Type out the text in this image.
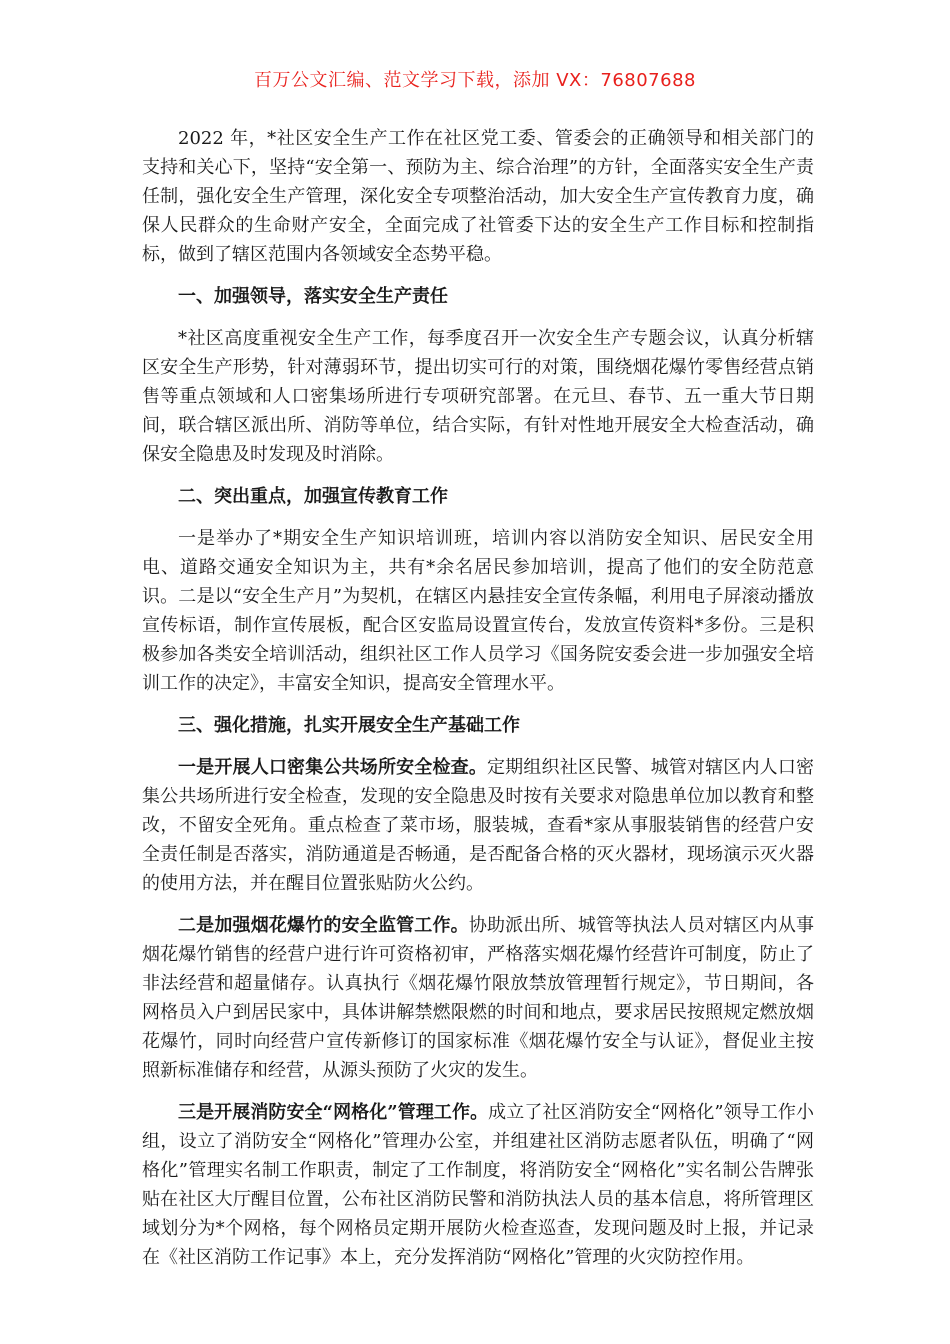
百万公文汇编、范文学习下载，添加 VX：76807688

2022 年，*社区安全生产工作在社区党工委、管委会的正确领导和相关部门的支持和关心下，坚持“安全第一、预防为主、综合治理”的方针，全面落实安全生产责任制，强化安全生产管理，深化安全专项整治活动，加大安全生产宣传教育力度，确保人民群众的生命财产安全，全面完成了社管委下达的安全生产工作目标和控制指标，做到了辖区范围内各领域安全态势平稳。

一、加强领导，落实安全生产责任

*社区高度重视安全生产工作，每季度召开一次安全生产专题会议，认真分析辖区安全生产形势，针对薄弱环节，提出切实可行的对策，围绕烟花爆竹零售经营点销售等重点领域和人口密集场所进行专项研究部署。在元旦、春节、五一重大节日期间，联合辖区派出所、消防等单位，结合实际，有针对性地开展安全大检查活动，确保安全隐患及时发现及时消除。

二、突出重点，加强宣传教育工作

一是举办了*期安全生产知识培训班，培训内容以消防安全知识、居民安全用电、道路交通安全知识为主，共有*余名居民参加培训，提高了他们的安全防范意识。二是以“安全生产月”为契机，在辖区内悬挂安全宣传条幅，利用电子屏滚动播放宣传标语，制作宣传展板，配合区安监局设置宣传台，发放宣传资料*多份。三是积极参加各类安全培训活动，组织社区工作人员学习《国务院安委会进一步加强安全培训工作的决定》，丰富安全知识，提高安全管理水平。

三、强化措施，扎实开展安全生产基础工作

一是开展人口密集公共场所安全检查。定期组织社区民警、城管对辖区内人口密集公共场所进行安全检查，发现的安全隐患及时按有关要求对隐患单位加以教育和整改，不留安全死角。重点检查了菜市场，服装城，查看*家从事服装销售的经营户安全责任制是否落实，消防通道是否畅通，是否配备合格的灭火器材，现场演示灭火器的使用方法，并在醒目位置张贴防火公约。

二是加强烟花爆竹的安全监管工作。协助派出所、城管等执法人员对辖区内从事烟花爆竹销售的经营户进行许可资格初审，严格落实烟花爆竹经营许可制度，防止了非法经营和超量储存。认真执行《烟花爆竹限放禁放管理暂行规定》，节日期间，各网格员入户到居民家中，具体讲解禁燃限燃的时间和地点，要求居民按照规定燃放烟花爆竹，同时向经营户宣传新修订的国家标准《烟花爆竹安全与认证》，督促业主按照新标准储存和经营，从源头预防了火灾的发生。

三是开展消防安全“网格化”管理工作。成立了社区消防安全“网格化”领导工作小组，设立了消防安全“网格化”管理办公室，并组建社区消防志愿者队伍，明确了“网格化”管理实名制工作职责，制定了工作制度，将消防安全“网格化”实名制公告牌张贴在社区大厅醒目位置，公布社区消防民警和消防执法人员的基本信息，将所管理区域划分为*个网格，每个网格员定期开展防火检查巡查，发现问题及时上报，并记录在《社区消防工作记事》本上，充分发挥消防“网格化”管理的火灾防控作用。
